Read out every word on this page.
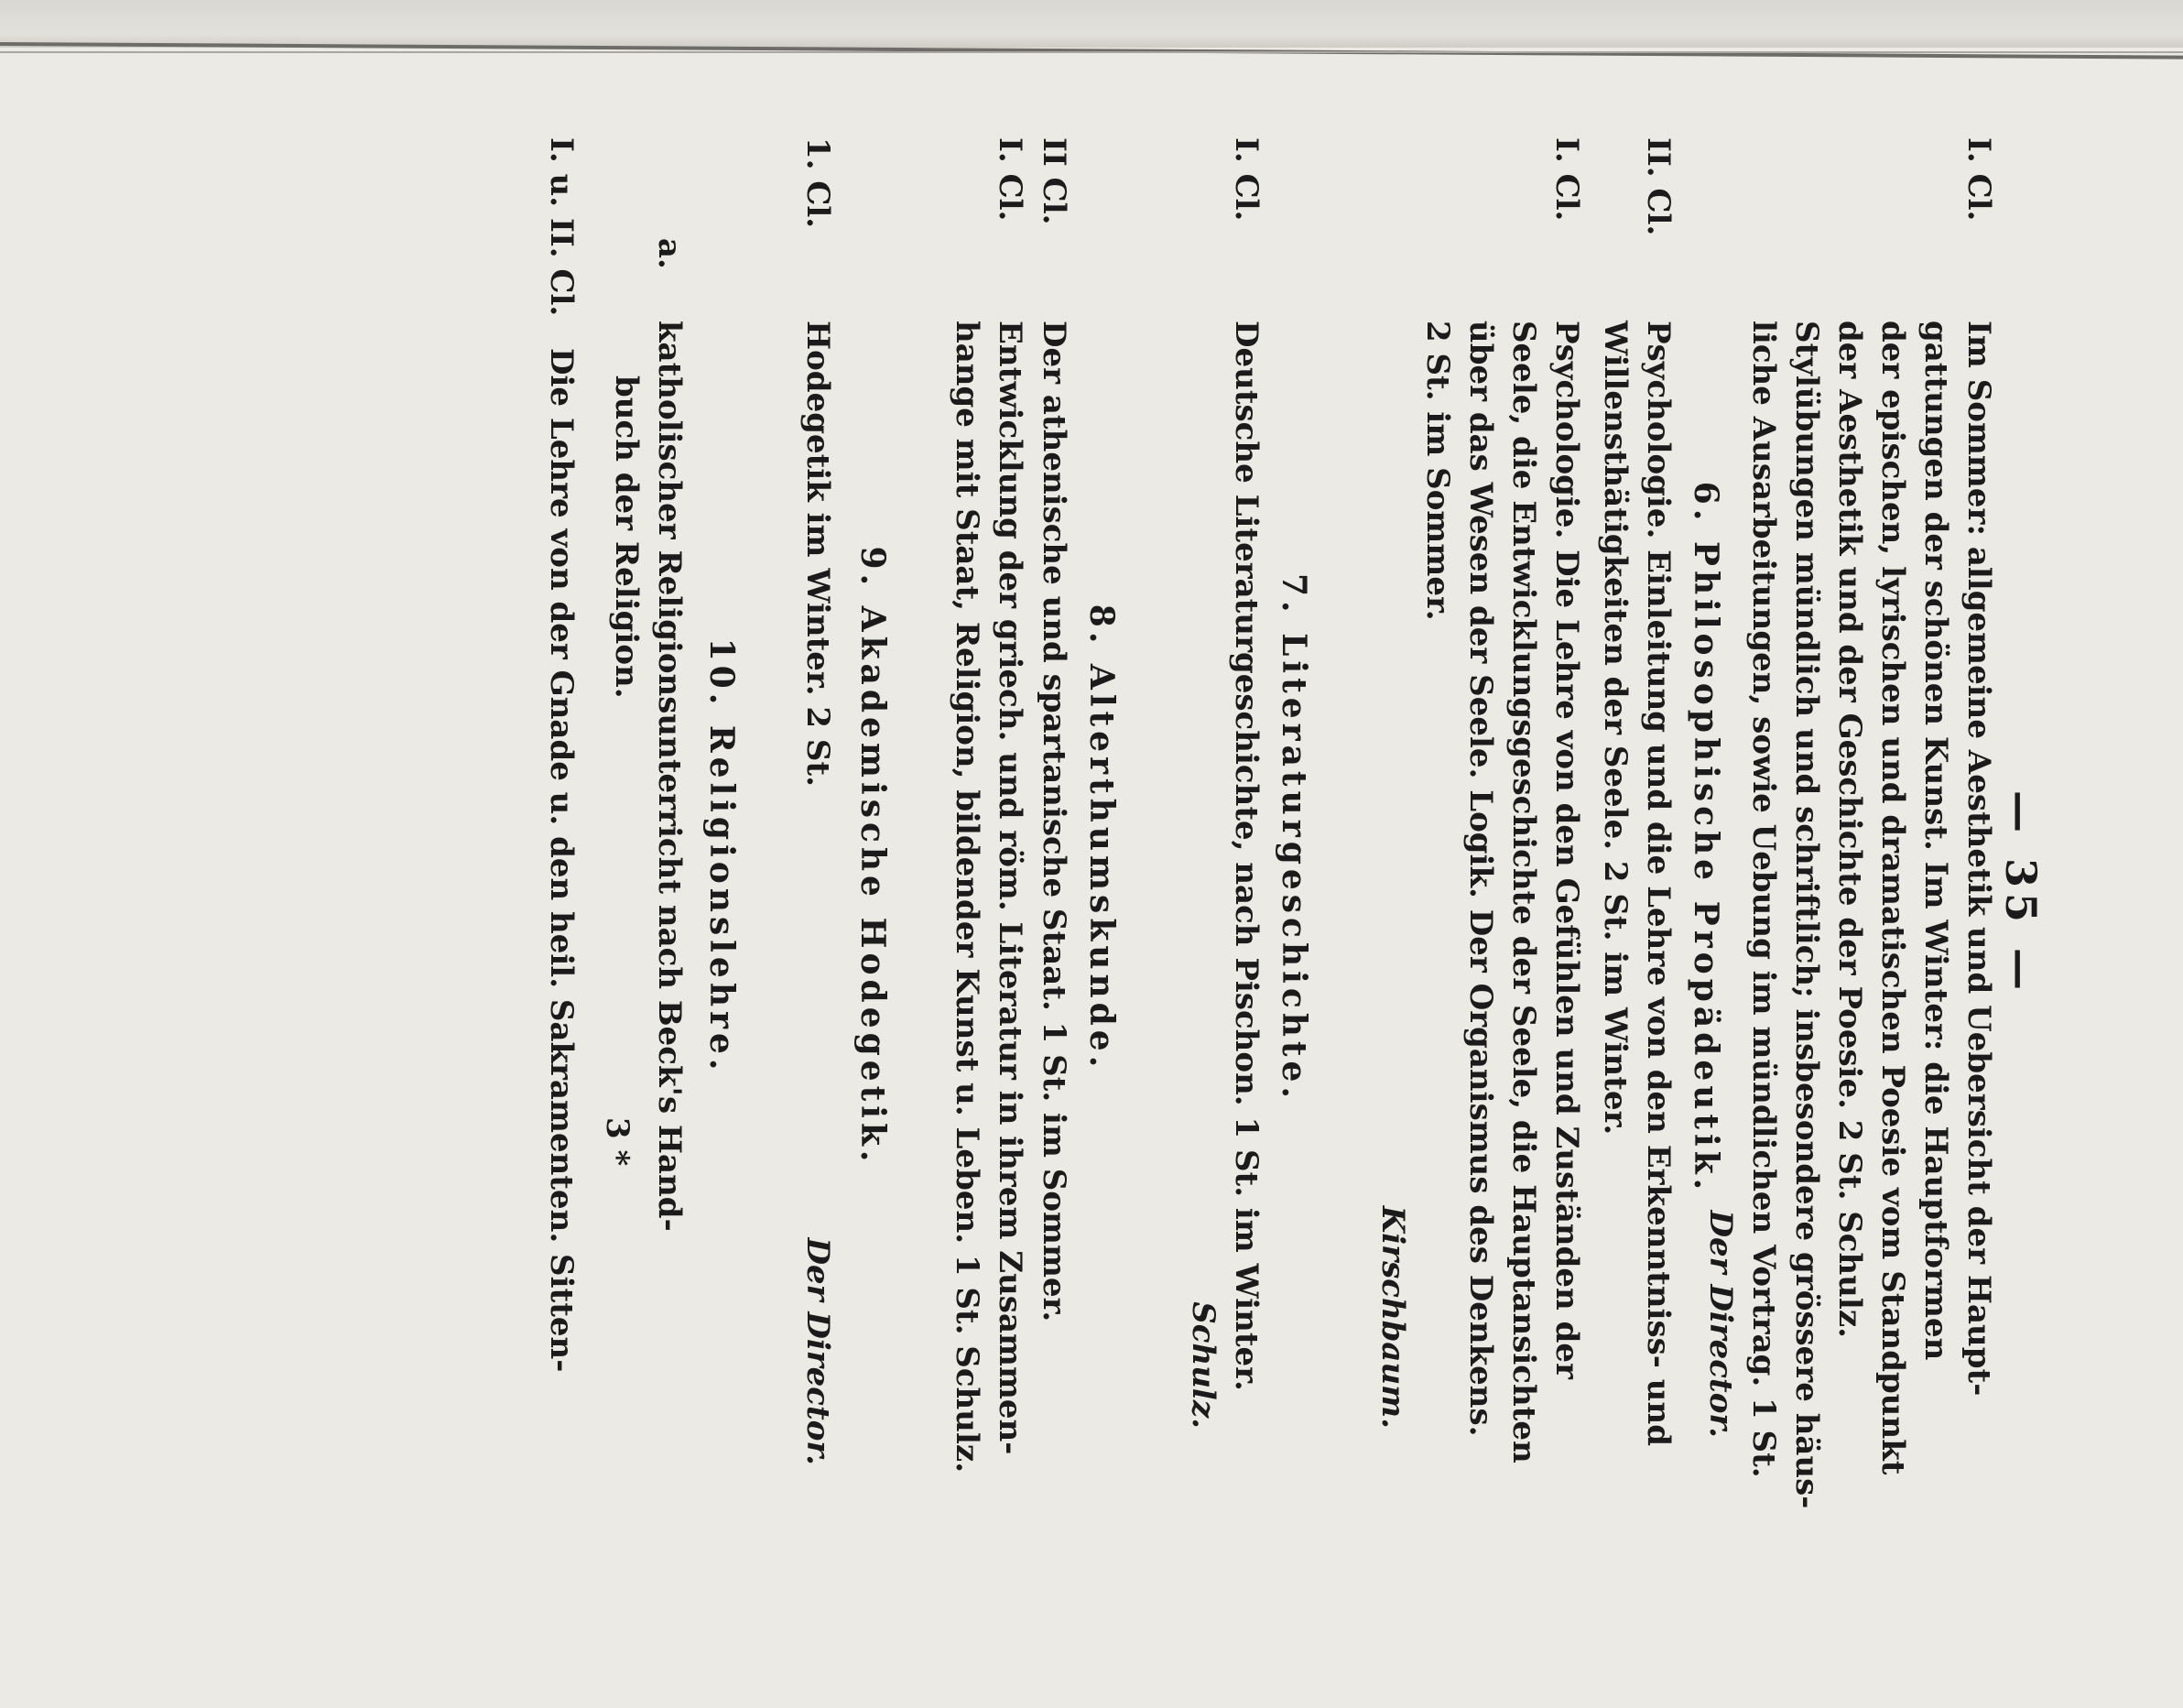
— 35 —
I. Cl.
Im Sommer: allgemeine Aesthetik und Uebersicht der Haupt-
gattungen der schönen Kunst. Im Winter: die Hauptformen
der epischen, lyrischen und dramatischen Poesie vom Standpunkt
der Aesthetik und der Geschichte der Poesie. 2 St. Schulz.
Stylübungen mündlich und schriftlich; insbesondere grössere häus-
liche Ausarbeitungen, sowie Uebung im mündlichen Vortrag. 1 St.
Der Director.
6. Philosophische Propädeutik.
II. Cl.
Psychologie. Einleitung und die Lehre von den Erkenntniss- und
Willensthätigkeiten der Seele. 2 St. im Winter.
I. Cl.
Psychologie. Die Lehre von den Gefühlen und Zuständen der
Seele, die Entwicklungsgeschichte der Seele, die Hauptansichten
über das Wesen der Seele. Logik. Der Organismus des Denkens.
2 St. im Sommer.
Kirschbaum.
7. Literaturgeschichte.
I. Cl.
Deutsche Literaturgeschichte, nach Pischon. 1 St. im Winter.
Schulz.
8. Alterthumskunde.
II Cl.
Der athenische und spartanische Staat. 1 St. im Sommer.
I. Cl.
Entwicklung der griech. und röm. Literatur in ihrem Zusammen-
hange mit Staat, Religion, bildender Kunst u. Leben. 1 St. Schulz.
9. Akademische Hodegetik.
1. Cl.
Hodegetik im Winter. 2 St.
Der Director.
10. Religionslehre.
a.
katholischer Religionsunterricht nach Beck's Hand-
buch der Religion.
3 *
I. u. II. Cl.
Die Lehre von der Gnade u. den heil. Sakramenten. Sitten-
